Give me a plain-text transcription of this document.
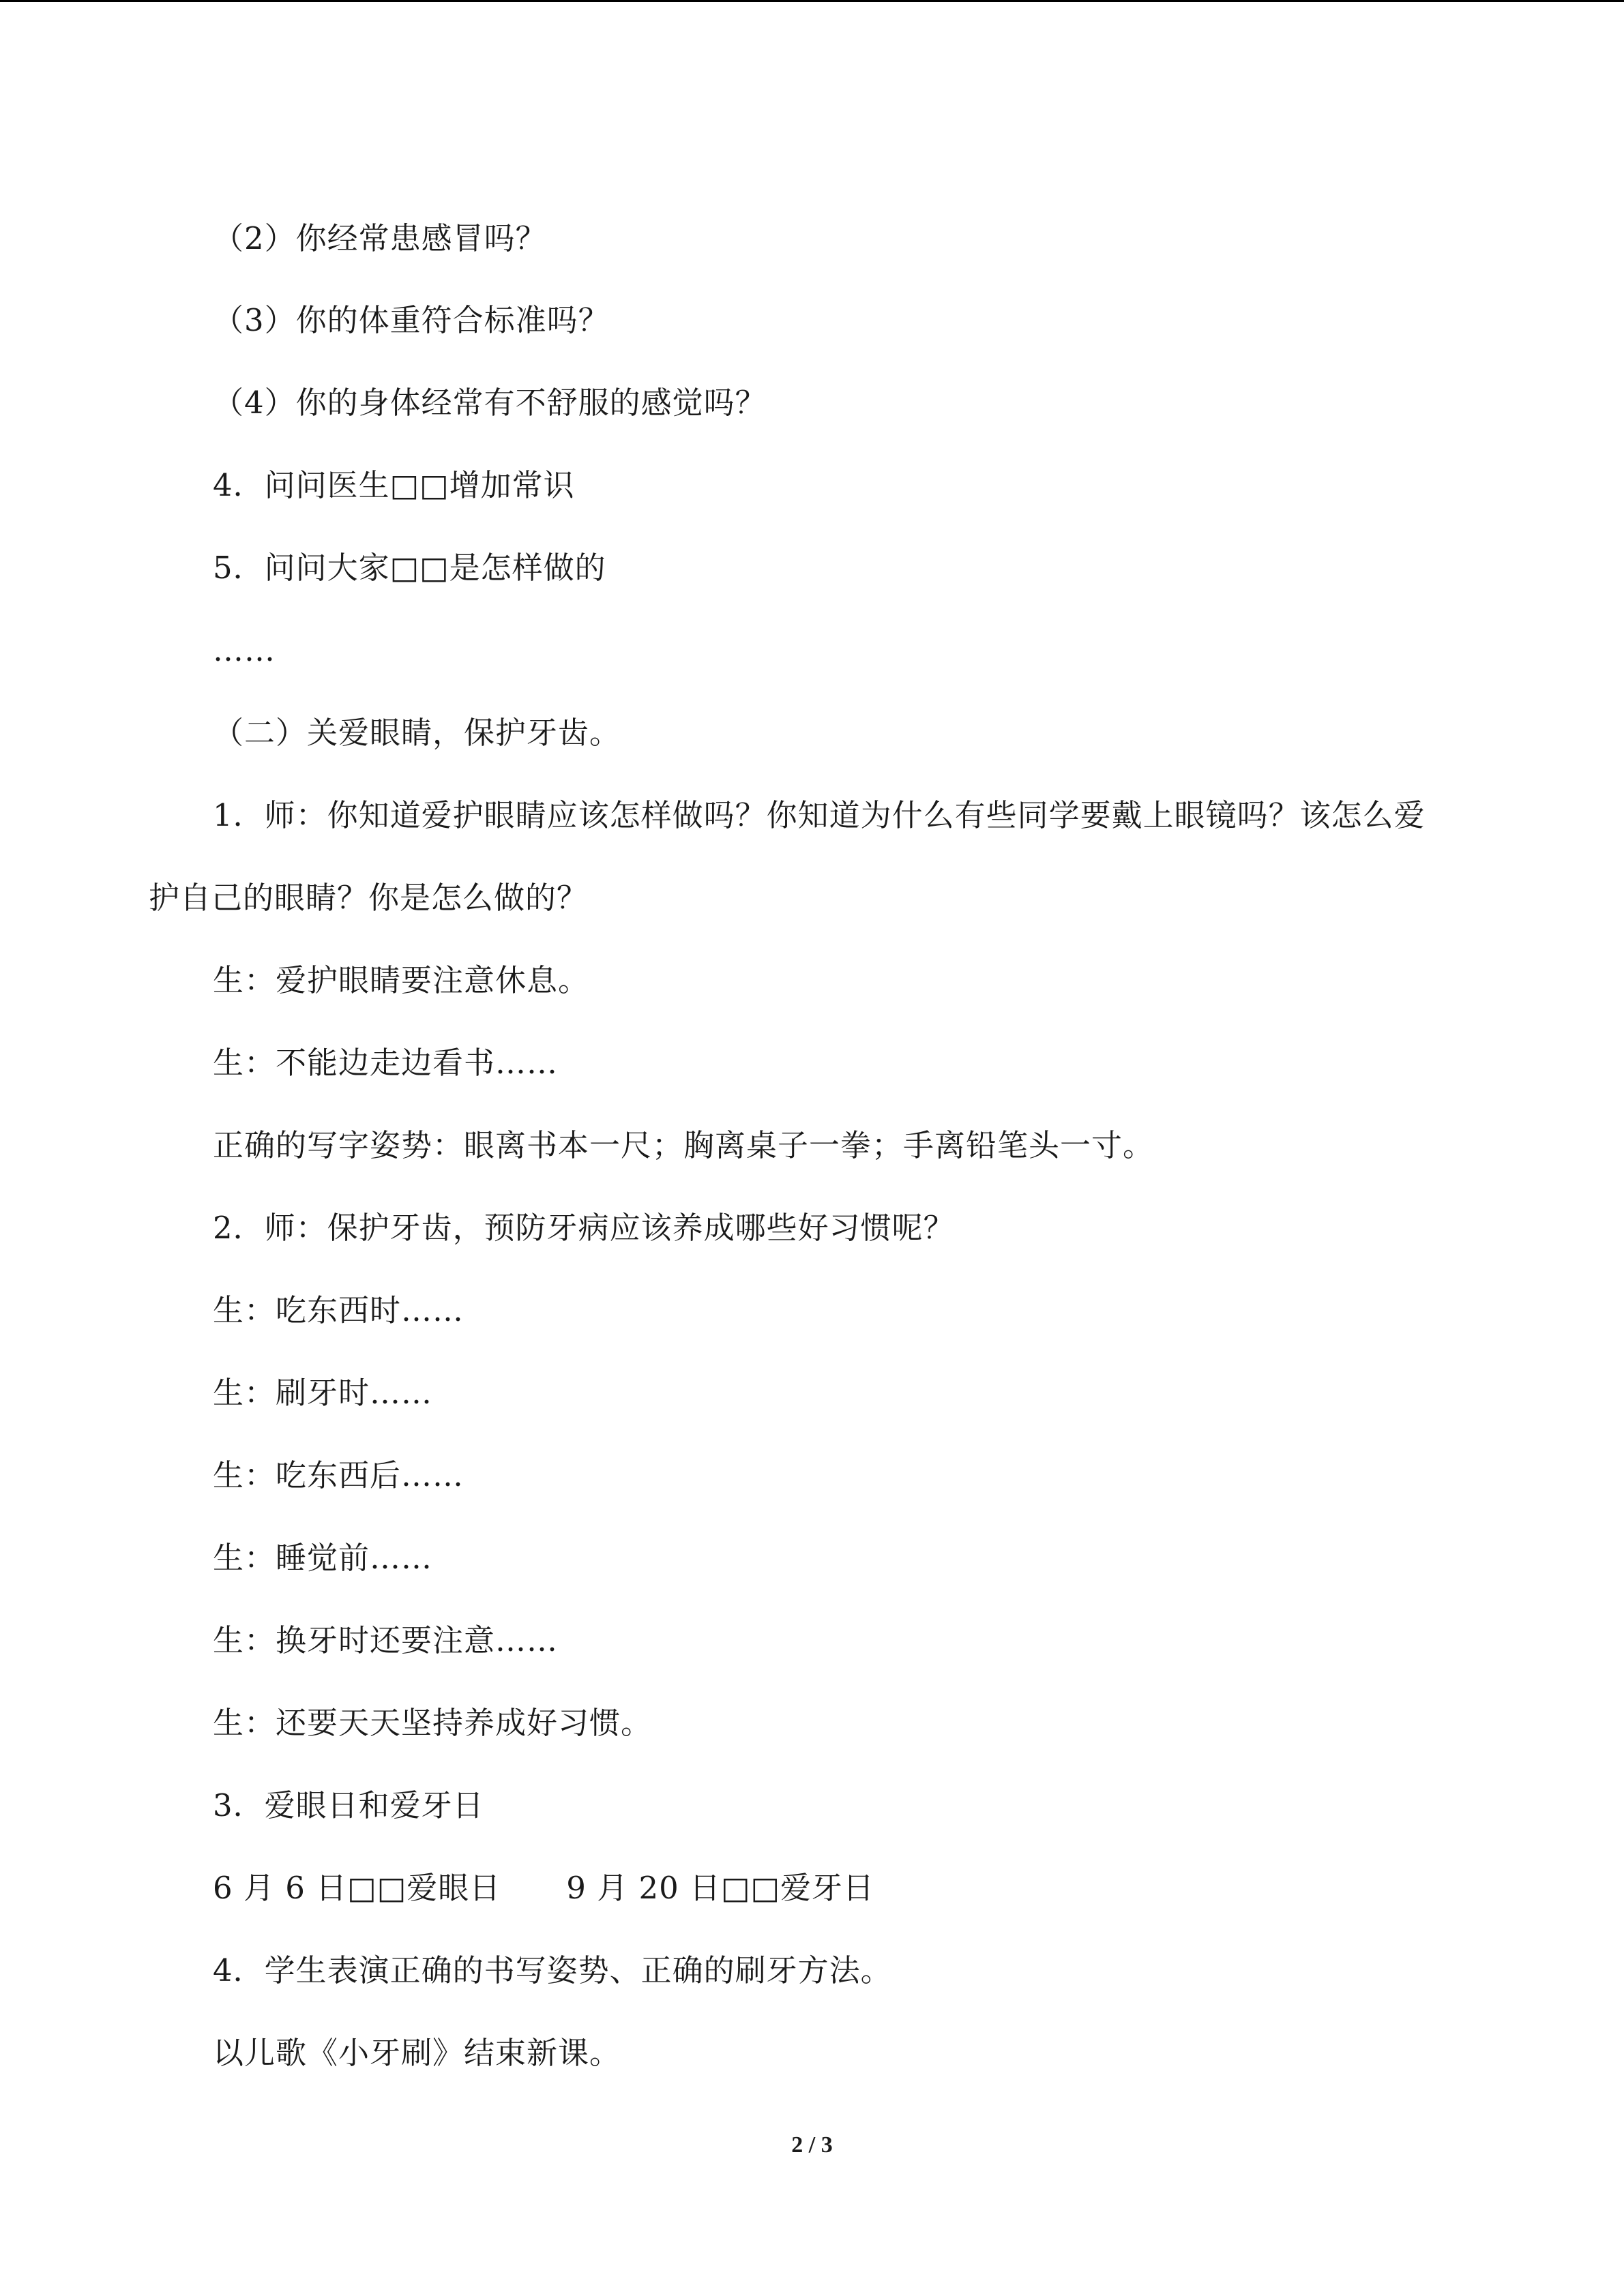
（2）你经常患感冒吗？
（3）你的体重符合标准吗？
（4）你的身体经常有不舒服的感觉吗？
4．问问医生□□增加常识
5．问问大家□□是怎样做的
……
（二）关爱眼睛，保护牙齿。
1．师：你知道爱护眼睛应该怎样做吗？你知道为什么有些同学要戴上眼镜吗？该怎么爱
护自己的眼睛？你是怎么做的？
生：爱护眼睛要注意休息。
生：不能边走边看书……
正确的写字姿势：眼离书本一尺；胸离桌子一拳；手离铅笔头一寸。
2．师：保护牙齿，预防牙病应该养成哪些好习惯呢？
生：吃东西时……
生：刷牙时……
生：吃东西后……
生：睡觉前……
生：换牙时还要注意……
生：还要天天坚持养成好习惯。
3．爱眼日和爱牙日
6 月 6 日□□爱眼日 9 月 20 日□□爱牙日
4．学生表演正确的书写姿势、正确的刷牙方法。
以儿歌《小牙刷》结束新课。
2 / 3
